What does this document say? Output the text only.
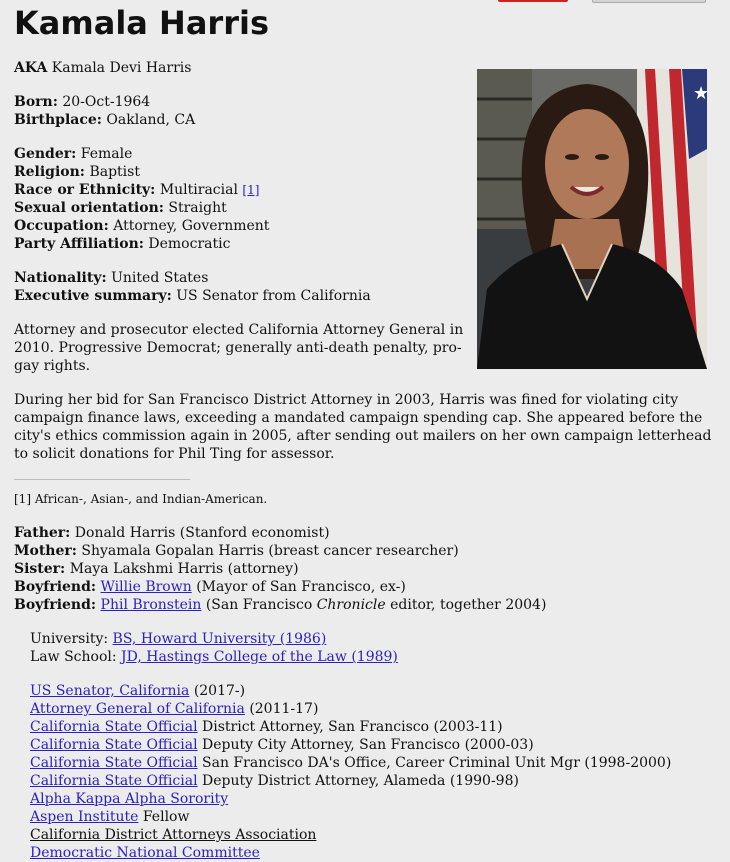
Kamala Harris
★
AKA Kamala Devi Harris
Born: 20-Oct-1964
Birthplace: Oakland, CA
Gender: Female
Religion: Baptist
Race or Ethnicity: Multiracial [1]
Sexual orientation: Straight
Occupation: Attorney, Government
Party Affiliation: Democratic
Nationality: United States
Executive summary: US Senator from California

Attorney and prosecutor elected California Attorney General in 2010. Progressive Democrat; generally anti-death penalty, pro-gay rights.

During her bid for San Francisco District Attorney in 2003, Harris was fined for violating city campaign finance laws, exceeding a mandated campaign spending cap. She appeared before the city's ethics commission again in 2005, after sending out mailers on her own campaign letterhead to solicit donations for Phil Ting for assessor.

[1] African-, Asian-, and Indian-American.
Father: Donald Harris (Stanford economist)
Mother: Shyamala Gopalan Harris (breast cancer researcher)
Sister: Maya Lakshmi Harris (attorney)
Boyfriend: Willie Brown (Mayor of San Francisco, ex-)
Boyfriend: Phil Bronstein (San Francisco Chronicle editor, together 2004)
University: BS, Howard University (1986)
Law School: JD, Hastings College of the Law (1989)
US Senator, California (2017-)
Attorney General of California (2011-17)
California State Official District Attorney, San Francisco (2003-11)
California State Official Deputy City Attorney, San Francisco (2000-03)
California State Official San Francisco DA's Office, Career Criminal Unit Mgr (1998-2000)
California State Official Deputy District Attorney, Alameda (1990-98)
Alpha Kappa Alpha Sorority
Aspen Institute Fellow
California District Attorneys Association
Democratic National Committee
